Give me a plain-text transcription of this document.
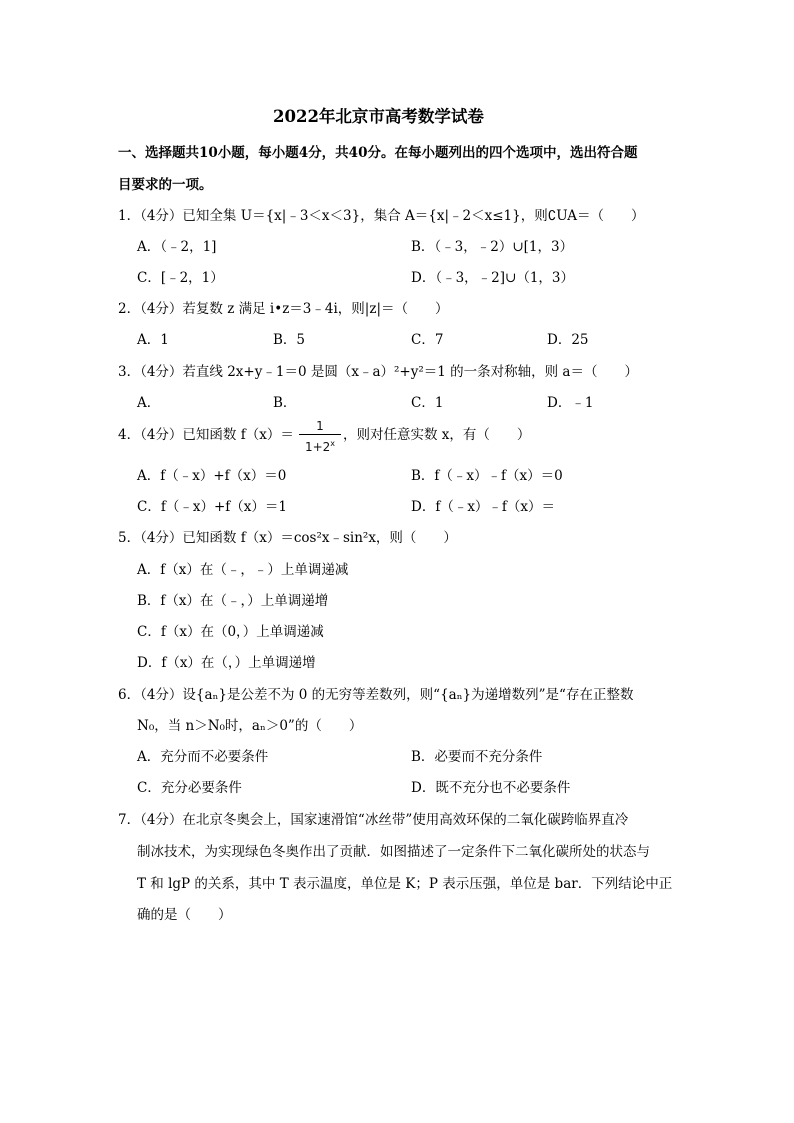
2022年北京市高考数学试卷
一、选择题共10小题，每小题4分，共40分。在每小题列出的四个选项中，选出符合题
目要求的一项。
1．（4分）已知全集 U＝{x|﹣3＜x＜3}，集合 A＝{x|﹣2＜x≤1}，则∁UA＝（　　）
A．（﹣2，1]	B．（﹣3，﹣2）∪[1，3）
C．[﹣2，1）	D．（﹣3，﹣2]∪（1，3）
2．（4分）若复数 z 满足 i•z＝3﹣4i，则|z|＝（　　）
A．1	B．5	C．7	D．25
3．（4分）若直线 2x+y﹣1＝0 是圆（x﹣a）²+y²＝1 的一条对称轴，则 a＝（　　）
A．	B．	C．1	D．﹣1
4．（4分）已知函数 f（x）＝
1
$1+2^x$
，则对任意实数 x，有（　　）
A．f（﹣x）+f（x）＝0	B．f（﹣x）﹣f（x）＝0
C．f（﹣x）+f（x）＝1	D．f（﹣x）﹣f（x）＝
5．（4分）已知函数 f（x）＝cos²x﹣sin²x，则（　　）
A．f（x）在（﹣，﹣）上单调递减
B．f（x）在（﹣，）上单调递增
C．f（x）在（0，）上单调递减
D．f（x）在（，）上单调递增
6．（4分）设{aₙ}是公差不为 0 的无穷等差数列，则“{aₙ}为递增数列”是“存在正整数
N₀，当 n＞N₀时，aₙ＞0”的（　　）
A．充分而不必要条件	B．必要而不充分条件
C．充分必要条件	D．既不充分也不必要条件
7．（4分）在北京冬奥会上，国家速滑馆“冰丝带”使用高效环保的二氧化碳跨临界直冷
制冰技术，为实现绿色冬奥作出了贡献．如图描述了一定条件下二氧化碳所处的状态与
T 和 lgP 的关系，其中 T 表示温度，单位是 K；P 表示压强，单位是 bar．下列结论中正
确的是（　　）
